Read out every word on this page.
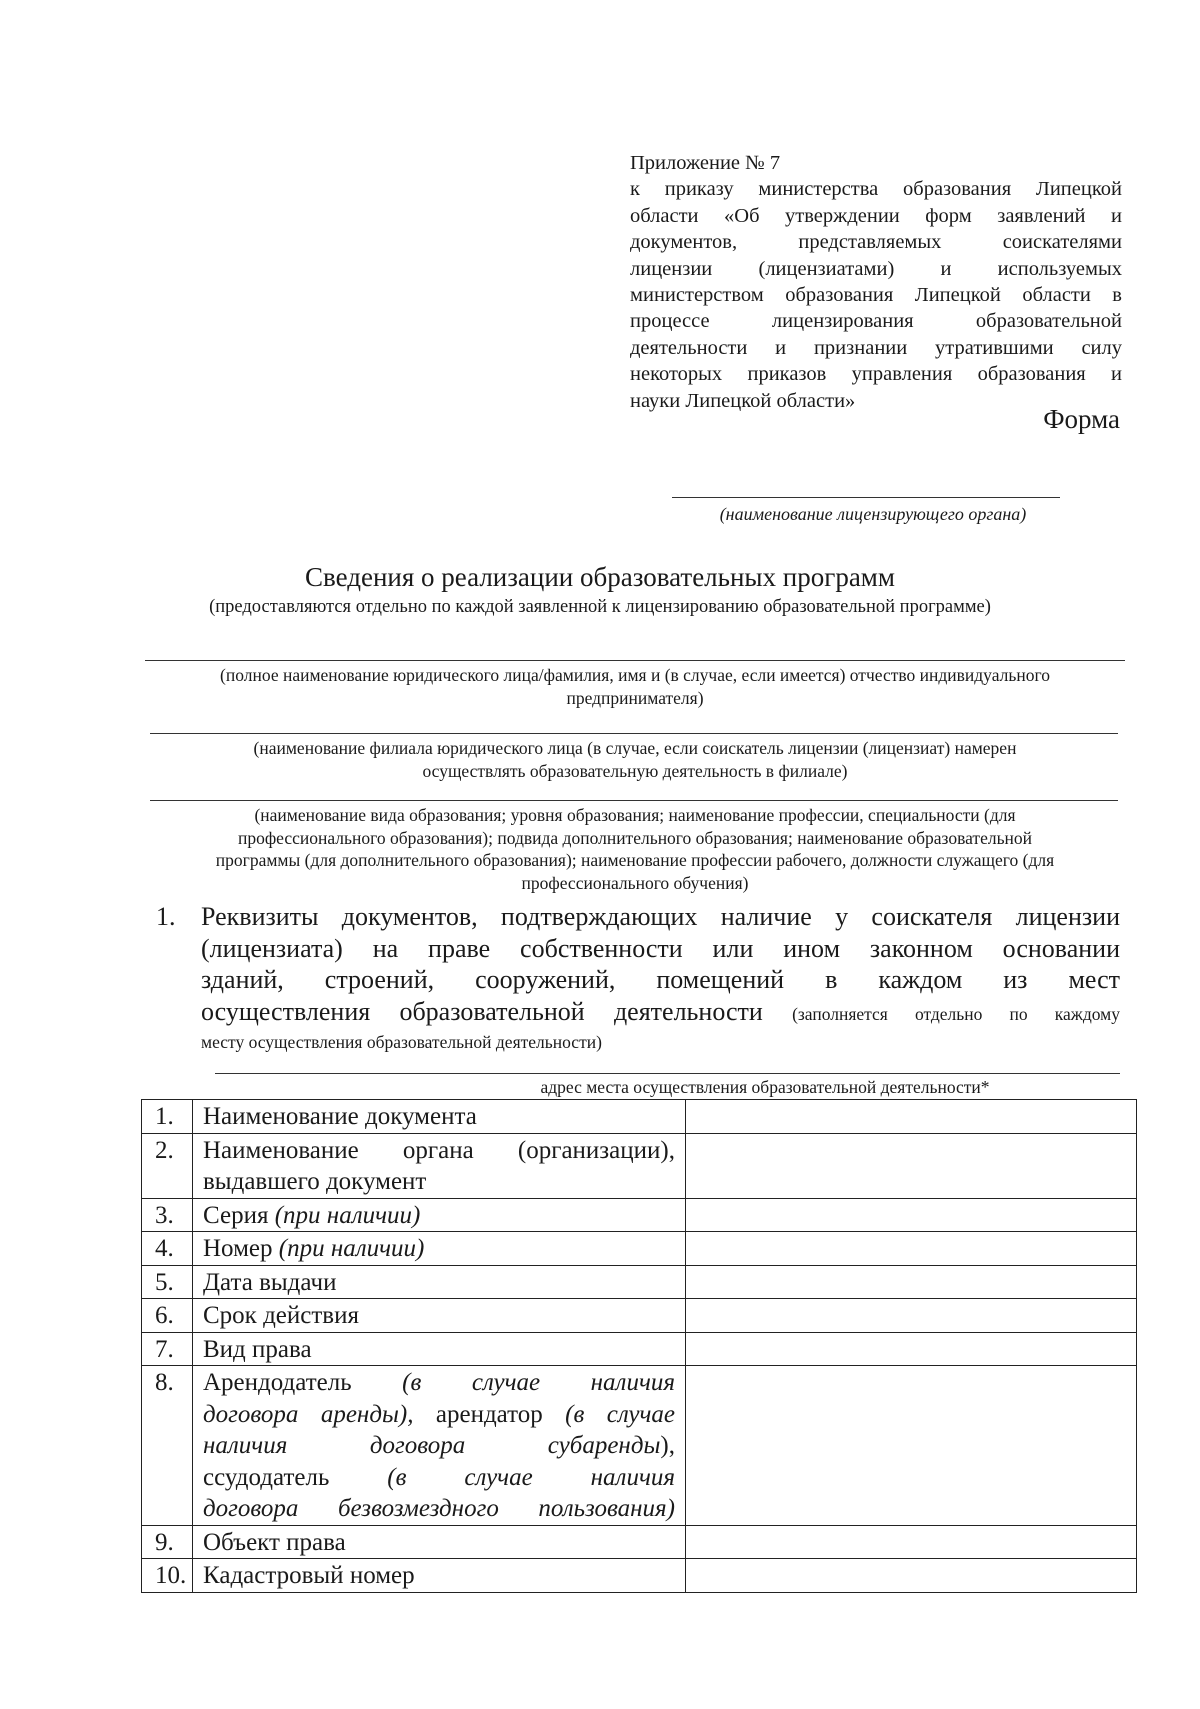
Приложение № 7
к приказу министерства образования Липецкой
области «Об утверждении форм заявлений и
документов, представляемых соискателями
лицензии (лицензиатами) и используемых
министерством образования Липецкой области в
процессе лицензирования образовательной
деятельности и признании утратившими силу
некоторых приказов управления образования и
науки Липецкой области»
Форма
(наименование лицензирующего органа)
Сведения о реализации образовательных программ
(предоставляются отдельно по каждой заявленной к лицензированию образовательной программе)
(полное наименование юридического лица/фамилия, имя и (в случае, если имеется) отчество индивидуального
предпринимателя)
(наименование филиала юридического лица (в случае, если соискатель лицензии (лицензиат) намерен
осуществлять образовательную деятельность в филиале)
(наименование вида образования; уровня образования; наименование профессии, специальности (для
профессионального образования); подвида дополнительного образования; наименование образовательной
программы (для дополнительного образования); наименование профессии рабочего, должности служащего (для
профессионального обучения)
1. Реквизиты документов, подтверждающих наличие у соискателя лицензии
(лицензиата) на праве собственности или ином законном основании
зданий, строений, сооружений, помещений в каждом из мест
осуществления образовательной деятельности (заполняется отдельно по каждому
месту осуществления образовательной деятельности)
адрес места осуществления образовательной деятельности*
1.	Наименование документа	
2.	Наименование органа (организации),
выдавшего документ	
3.	Серия (при наличии)	
4.	Номер (при наличии)	
5.	Дата выдачи	
6.	Срок действия	
7.	Вид права	
8.	Арендодатель (в случае наличия
договора аренды), арендатор (в случае
наличия договора субаренды),
ссудодатель (в случае наличия
договора безвозмездного пользования)	

9.	Объект права	
10.	Кадастровый номер	
